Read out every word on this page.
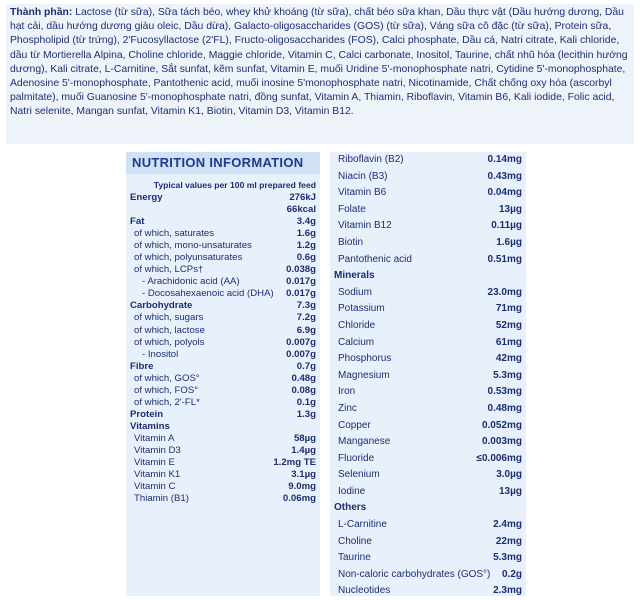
Thành phần: Lactose (từ sữa), Sữa tách béo, whey khử khoáng (từ sữa), chất béo sữa khan, Dầu thực vật (Dầu hướng dương, Dầu hạt cải, dầu hướng dương giàu oleic, Dầu dừa), Galacto-oligosaccharides (GOS) (từ sữa), Váng sữa cô đặc (từ sữa), Protein sữa, Phospholipid (từ trứng), 2'Fucosyllactose (2'FL), Fructo-oligosaccharides (FOS), Calci phosphate, Dầu cá, Natri citrate, Kali chloride, dầu từ Mortierella Alpina, Choline chloride, Maggie chloride, Vitamin C, Calci carbonate, Inositol, Taurine, chất nhũ hóa (lecithin hướng dương), Kali citrate, L-Carnitine, Sắt sunfat, kẽm sunfat, Vitamin E, muối Uridine 5'-monophosphate natri, Cytidine 5'-monophosphate, Adenosine 5'-monophosphate, Pantothenic acid, muối inosine 5'monophosphate natri, Nicotinamide, Chất chống oxy hóa (ascorbyl palmitate), muối Guanosine 5'-monophosphate natri, đồng sunfat, Vitamin A, Thiamin, Riboflavin, Vitamin B6, Kali iodide, Folic acid, Natri selenite, Mangan sunfat, Vitamin K1, Biotin, Vitamin D3, Vitamin B12.
NUTRITION INFORMATION
Typical values per 100 ml prepared feed
Energy	276kJ
66kcal
Fat	3.4g
of which, saturates	1.6g
of which, mono-unsaturates	1.2g
of which, polyunsaturates	0.6g
of which, LCPs†	0.038g
- Arachidonic acid (AA)	0.017g
- Docosahexaenoic acid (DHA)	0.017g
Carbohydrate	7.3g
of which, sugars	7.2g
of which, lactose	6.9g
of which, polyols	0.007g
- Inositol	0.007g
Fibre	0.7g
of which, GOS°	0.48g
of which, FOS°	0.08g
of which, 2'-FL*	0.1g
Protein	1.3g
Vitamins
Vitamin A	58µg
Vitamin D3	1.4µg
Vitamin E	1.2mg TE
Vitamin K1	3.1µg
Vitamin C	9.0mg
Thiamin (B1)	0.06mg
Riboflavin (B2)	0.14mg
Niacin (B3)	0.43mg
Vitamin B6	0.04mg
Folate	13µg
Vitamin B12	0.11µg
Biotin	1.6µg
Pantothenic acid	0.51mg
Minerals
Sodium	23.0mg
Potassium	71mg
Chloride	52mg
Calcium	61mg
Phosphorus	42mg
Magnesium	5.3mg
Iron	0.53mg
Zinc	0.48mg
Copper	0.052mg
Manganese	0.003mg
Fluoride	≤0.006mg
Selenium	3.0µg
Iodine	13µg
Others
L-Carnitine	2.4mg
Choline	22mg
Taurine	5.3mg
Non-caloric carbohydrates (GOS°)	0.2g
Nucleotides	2.3mg
